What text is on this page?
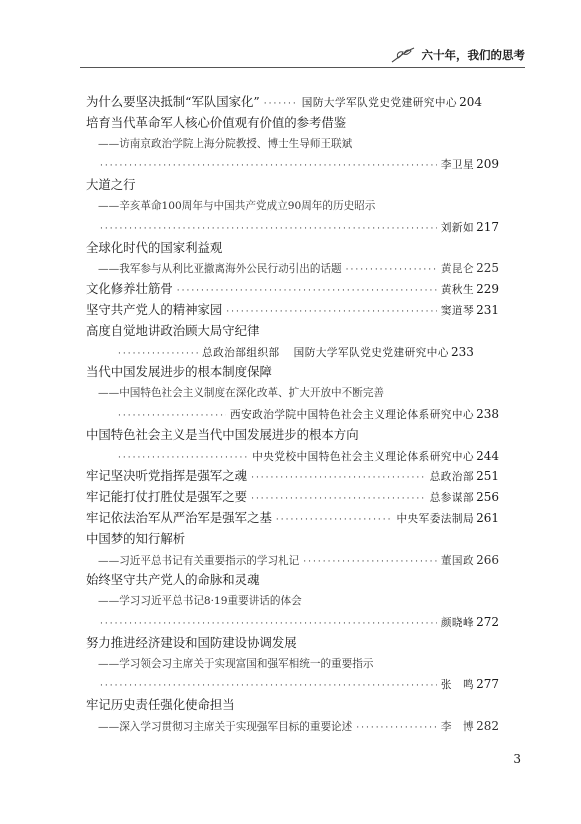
六十年，我们的思考
为什么要坚决抵制“军队国家化” ·····	国防大学军队党史党建研究中心 204
培育当代革命军人核心价值观有价值的参考借鉴
——访南京政治学院上海分院教授、博士生导师王联斌
·····
李卫星 209
大道之行
——辛亥革命100周年与中国共产党成立90周年的历史昭示
·····
刘新如 217
全球化时代的国家利益观
——我军参与从利比亚撤离海外公民行动引出的话题 ·····	黄昆仑 225
文化修养壮筋骨 ·····	黄秋生 229
坚守共产党人的精神家园 ·····	窦道琴 231
高度自觉地讲政治顾大局守纪律
·····
总政治部组织部 国防大学军队党史党建研究中心 233
当代中国发展进步的根本制度保障
——中国特色社会主义制度在深化改革、扩大开放中不断完善
·····
西安政治学院中国特色社会主义理论体系研究中心 238
中国特色社会主义是当代中国发展进步的根本方向
·····
中央党校中国特色社会主义理论体系研究中心 244
牢记坚决听党指挥是强军之魂 ·····	总政治部 251
牢记能打仗打胜仗是强军之要 ·····	总参谋部 256
牢记依法治军从严治军是强军之基 ·····	中央军委法制局 261
中国梦的知行解析
——习近平总书记有关重要指示的学习札记 ·····	董国政 266
始终坚守共产党人的命脉和灵魂
——学习习近平总书记8·19重要讲话的体会
·····
颜晓峰 272
努力推进经济建设和国防建设协调发展
——学习领会习主席关于实现富国和强军相统一的重要指示
·····
张　鸣 277
牢记历史责任强化使命担当
——深入学习贯彻习主席关于实现强军目标的重要论述 ·····	李　博 282
3
